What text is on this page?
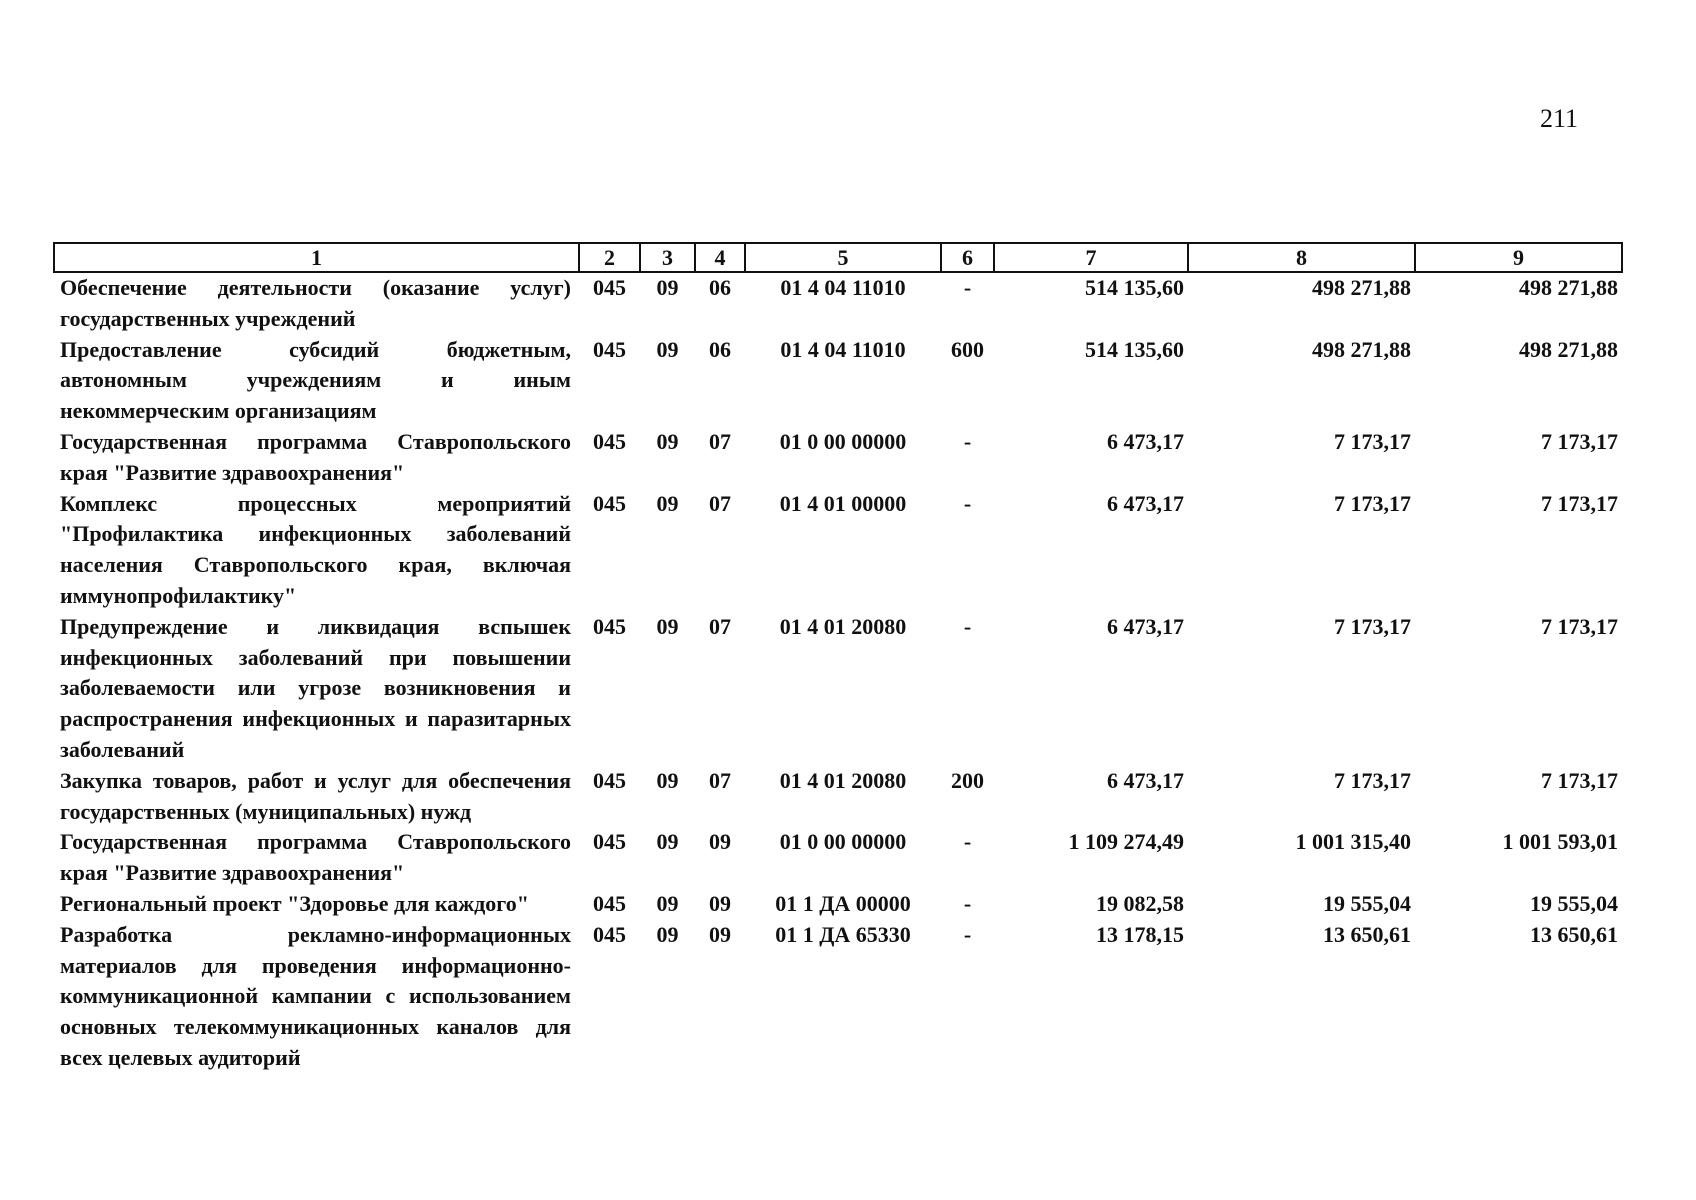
211
1	2	3	4	5	6	7	8	9
Обеспечение деятельности (оказание услуг) государственных учреждений	045	09	06	01 4 04 11010	-	514 135,60	498 271,88	498 271,88
Предоставление субсидий бюджетным, автономным учреждениям и иным некоммерческим организациям	045	09	06	01 4 04 11010	600	514 135,60	498 271,88	498 271,88
Государственная программа Ставропольского края "Развитие здравоохранения"	045	09	07	01 0 00 00000	-	6 473,17	7 173,17	7 173,17
Комплекс процессных мероприятий "Профилактика инфекционных заболеваний населения Ставропольского края, включая иммунопрофилактику"	045	09	07	01 4 01 00000	-	6 473,17	7 173,17	7 173,17
Предупреждение и ликвидация вспышек инфекционных заболеваний при повышении заболеваемости или угрозе возникновения и распространения инфекционных и паразитарных заболеваний	045	09	07	01 4 01 20080	-	6 473,17	7 173,17	7 173,17
Закупка товаров, работ и услуг для обеспечения государственных (муниципальных) нужд	045	09	07	01 4 01 20080	200	6 473,17	7 173,17	7 173,17
Государственная программа Ставропольского края "Развитие здравоохранения"	045	09	09	01 0 00 00000	-	1 109 274,49	1 001 315,40	1 001 593,01
Региональный проект "Здоровье для каждого"	045	09	09	01 1 ДА 00000	-	19 082,58	19 555,04	19 555,04
Разработка рекламно-информационных материалов для проведения информационно-коммуникационной кампании с использованием основных телекоммуникационных каналов для всех целевых аудиторий	045	09	09	01 1 ДА 65330	-	13 178,15	13 650,61	13 650,61
